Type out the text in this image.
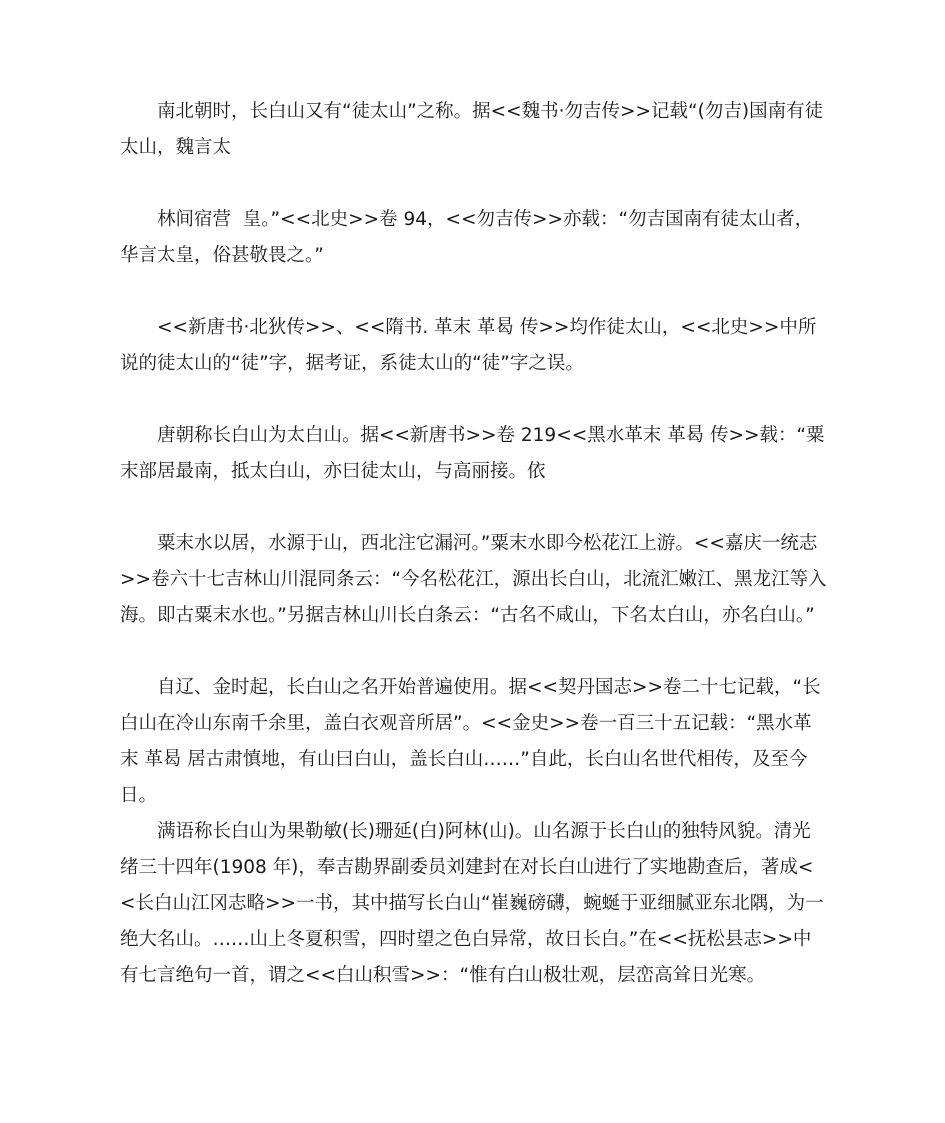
南北朝时，长白山又有“徒太山”之称。据<<魏书·勿吉传>>记载“(勿吉)国南有徒太山，魏言太

林间宿营  皇。”<<北史>>卷 94，<<勿吉传>>亦载：“勿吉国南有徒太山者，华言太皇，俗甚敬畏之。”

<<新唐书·北狄传>>、<<隋书. 革末 革曷 传>>均作徒太山，<<北史>>中所说的徒太山的“徒”字，据考证，系徒太山的“徒”字之误。

唐朝称长白山为太白山。据<<新唐书>>卷 219<<黑水革末 革曷 传>>载：“粟末部居最南，抵太白山，亦曰徒太山，与高丽接。依

粟末水以居，水源于山，西北注它漏河。”粟末水即今松花江上游。<<嘉庆一统志>>卷六十七吉林山川混同条云：“今名松花江，源出长白山，北流汇嫩江、黑龙江等入海。即古粟末水也。”另据吉林山川长白条云：“古名不咸山，下名太白山，亦名白山。”

自辽、金时起，长白山之名开始普遍使用。据<<契丹国志>>卷二十七记载，“长白山在冷山东南千余里，盖白衣观音所居”。<<金史>>卷一百三十五记载：“黑水革末 革曷 居古肃慎地，有山曰白山，盖长白山……”自此，长白山名世代相传，及至今日。

满语称长白山为果勒敏(长)珊延(白)阿林(山)。山名源于长白山的独特风貌。清光绪三十四年(1908 年)，奉吉勘界副委员刘建封在对长白山进行了实地勘查后，著成<<长白山江冈志略>>一书，其中描写长白山“崔巍磅礴，蜿蜒于亚细腻亚东北隅，为一绝大名山。……山上冬夏积雪，四时望之色白异常，故日长白。”在<<抚松县志>>中有七言绝句一首，谓之<<白山积雪>>：“惟有白山极壮观，层峦高耸日光寒。
